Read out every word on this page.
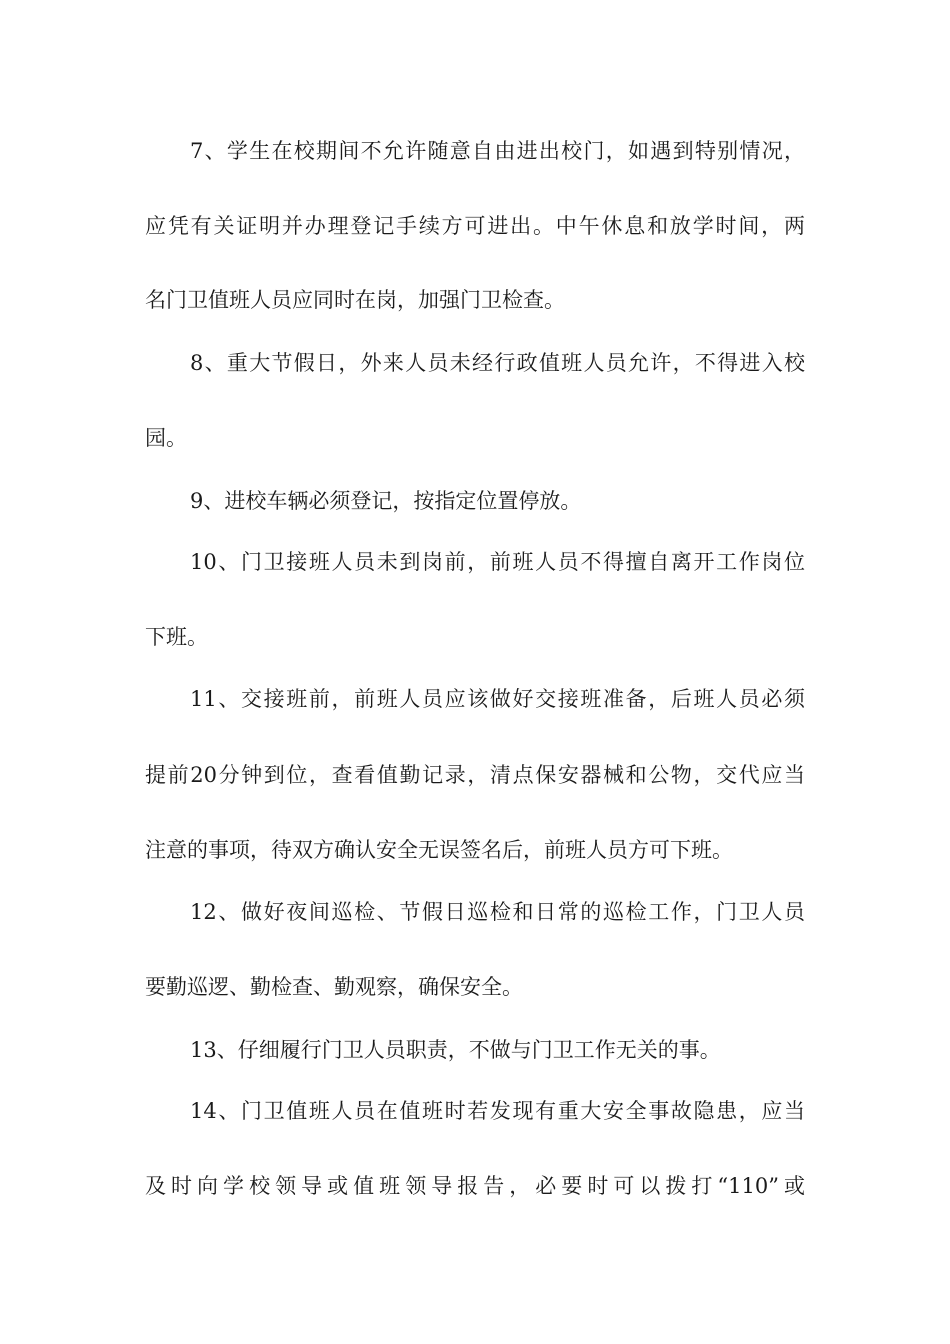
7、学生在校期间不允许随意自由进出校门，如遇到特别情况，
应凭有关证明并办理登记手续方可进出。中午休息和放学时间，两
名门卫值班人员应同时在岗，加强门卫检查。
8、重大节假日，外来人员未经行政值班人员允许，不得进入校
园。
9、进校车辆必须登记，按指定位置停放。
10、门卫接班人员未到岗前，前班人员不得擅自离开工作岗位
下班。
11、交接班前，前班人员应该做好交接班准备，后班人员必须
提前20分钟到位，查看值勤记录，清点保安器械和公物，交代应当
注意的事项，待双方确认安全无误签名后，前班人员方可下班。
12、做好夜间巡检、节假日巡检和日常的巡检工作，门卫人员
要勤巡逻、勤检查、勤观察，确保安全。
13、仔细履行门卫人员职责，不做与门卫工作无关的事。
14、门卫值班人员在值班时若发现有重大安全事故隐患，应当
及时向学校领导或值班领导报告，必要时可以拨打“110”或
